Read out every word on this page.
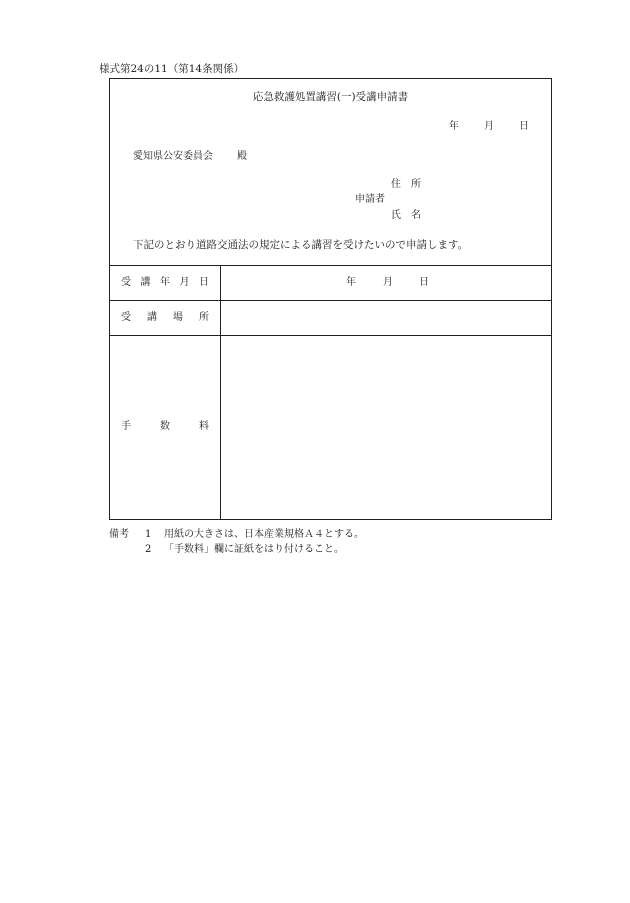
様式第24の11（第14条関係）
応急救護処置講習(一)受講申請書
年	月	日
愛知県公安委員会 殿
住　所
申請者
氏　名
下記のとおり道路交通法の規定による講習を受けたいので申請します。
受 講 年 月 日	年	月	日
受 講 場 所
手	数	料
備考 1 用紙の大きさは、日本産業規格Ａ４とする。
2 「手数料」欄に証紙をはり付けること。
